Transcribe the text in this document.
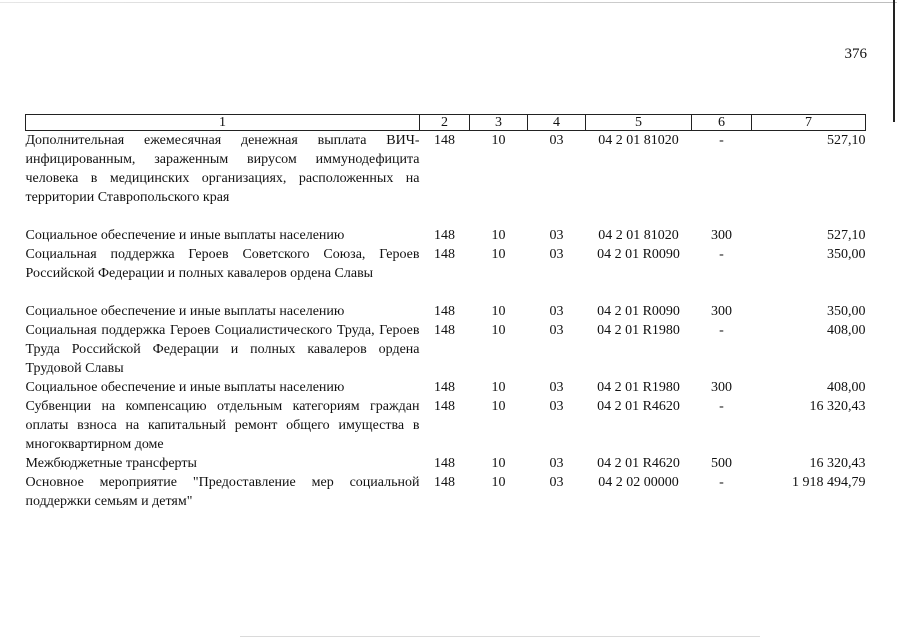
376
1	2	3	4	5	6	7
Дополнительная ежемесячная денежная выплата ВИЧ-инфицированным, зараженным вирусом иммунодефицита человека в медицинских организациях, расположенных на территории Ставропольского края	148	10	03	04 2 01 81020	-	527,10

Социальное обеспечение и иные выплаты населению	148	10	03	04 2 01 81020	300	527,10
Социальная поддержка Героев Советского Союза, Героев Российской Федерации и полных кавалеров ордена Славы	148	10	03	04 2 01 R0090	-	350,00

Социальное обеспечение и иные выплаты населению	148	10	03	04 2 01 R0090	300	350,00
Социальная поддержка Героев Социалистического Труда, Героев Труда Российской Федерации и полных кавалеров ордена Трудовой Славы	148	10	03	04 2 01 R1980	-	408,00
Социальное обеспечение и иные выплаты населению	148	10	03	04 2 01 R1980	300	408,00
Субвенции на компенсацию отдельным категориям граждан оплаты взноса на капитальный ремонт общего имущества в многоквартирном доме	148	10	03	04 2 01 R4620	-	16 320,43
Межбюджетные трансферты	148	10	03	04 2 01 R4620	500	16 320,43
Основное мероприятие "Предоставление мер социальной поддержки семьям и детям"	148	10	03	04 2 02 00000	-	1 918 494,79
